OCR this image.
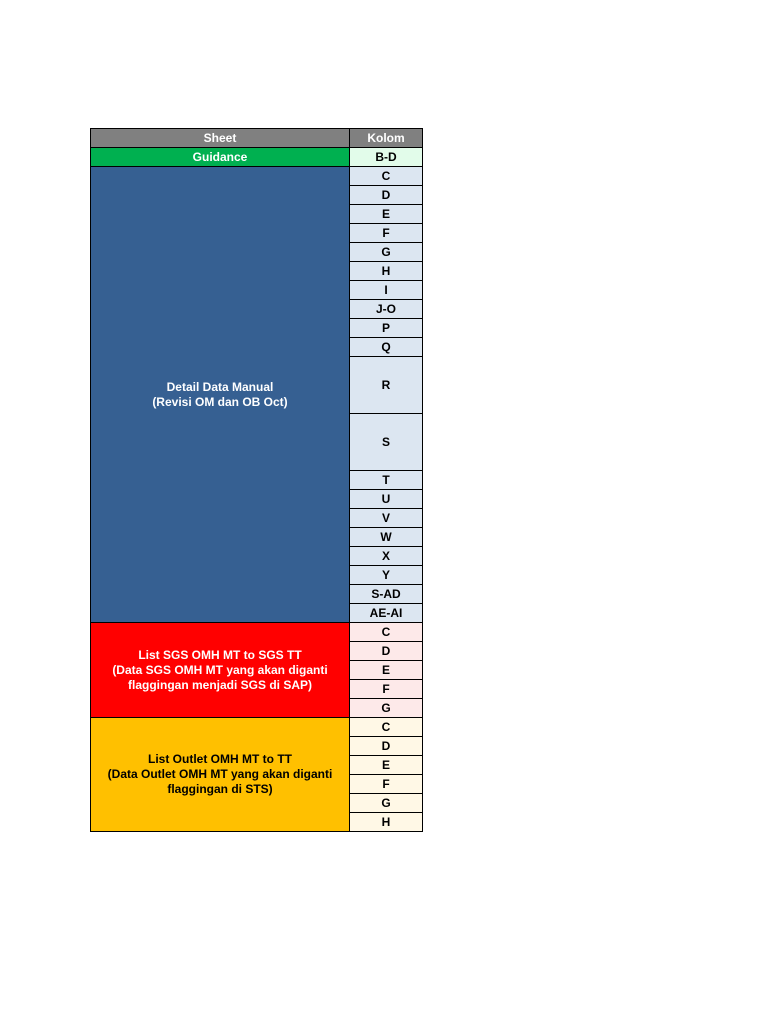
Sheet	Kolom
Guidance	B-D

Detail Data Manual
(Revisi OM dan OB Oct)	C
	D
	E
	F
	G
	H
	I
	J-O
	P
	Q
	R
	S
	T
	U
	V
	W
	X
	Y
	S-AD
	AE-AI

List SGS OMH MT to SGS TT
(Data SGS OMH MT yang akan diganti
flaggingan menjadi SGS di SAP)	C
	D
	E
	F
	G

List Outlet OMH MT to TT
(Data Outlet OMH MT yang akan diganti
flaggingan di STS)	C
	D
	E
	F
	G
	H
